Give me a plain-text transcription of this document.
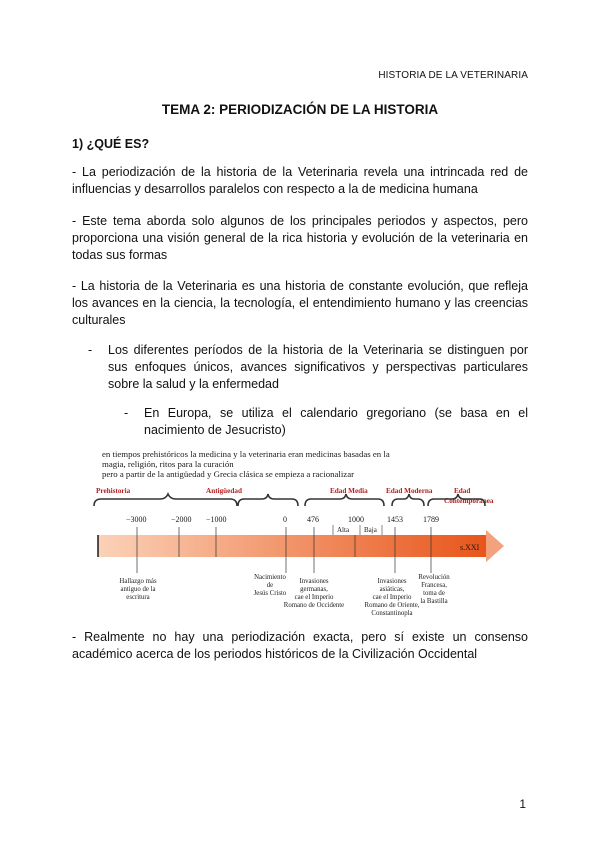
HISTORIA DE LA VETERINARIA
TEMA 2: PERIODIZACIÓN DE LA HISTORIA
1) ¿QUÉ ES?

- La periodización de la historia de la Veterinaria revela una intrincada red de influencias y desarrollos paralelos con respecto a la de medicina humana

- Este tema aborda solo algunos de los principales periodos y aspectos, pero proporciona una visión general de la rica historia y evolución de la veterinaria en todas sus formas

- La historia de la Veterinaria es una historia de constante evolución, que refleja los avances en la ciencia, la tecnología, el entendimiento humano y las creencias culturales

- Los diferentes períodos de la historia de la Veterinaria se distinguen por sus enfoques únicos, avances significativos y perspectivas particulares sobre la salud y la enfermedad
- En Europa, se utiliza el calendario gregoriano (se basa en el nacimiento de Jesucristo)
en tiempos prehistóricos la medicina y la veterinaria eran medicinas basadas en la
magia, religión, ritos para la curación
pero a partir de la antigüedad y Grecia clásica se empieza a racionalizar
Prehistoria	Antigüedad	Edad Media	Edad Moderna	Edad
Contemporanea
−3000	−2000 −1000	0	476	1000	1453	1789
Alta Baja
s.XXI
Hallazgo más
antiguo de la
escritura
Nacimiento
de
Jesús Cristo
Invasiones
germanas,
cae el Imperio
Romano de Occidente
Invasiones
asiáticas,
cae el Imperio
Romano de Oriente,
Constantinopla
Revolución
Francesa,
toma de
la Bastilla

- Realmente no hay una periodización exacta, pero sí existe un consenso académico acerca de los periodos históricos de la Civilización Occidental

1
